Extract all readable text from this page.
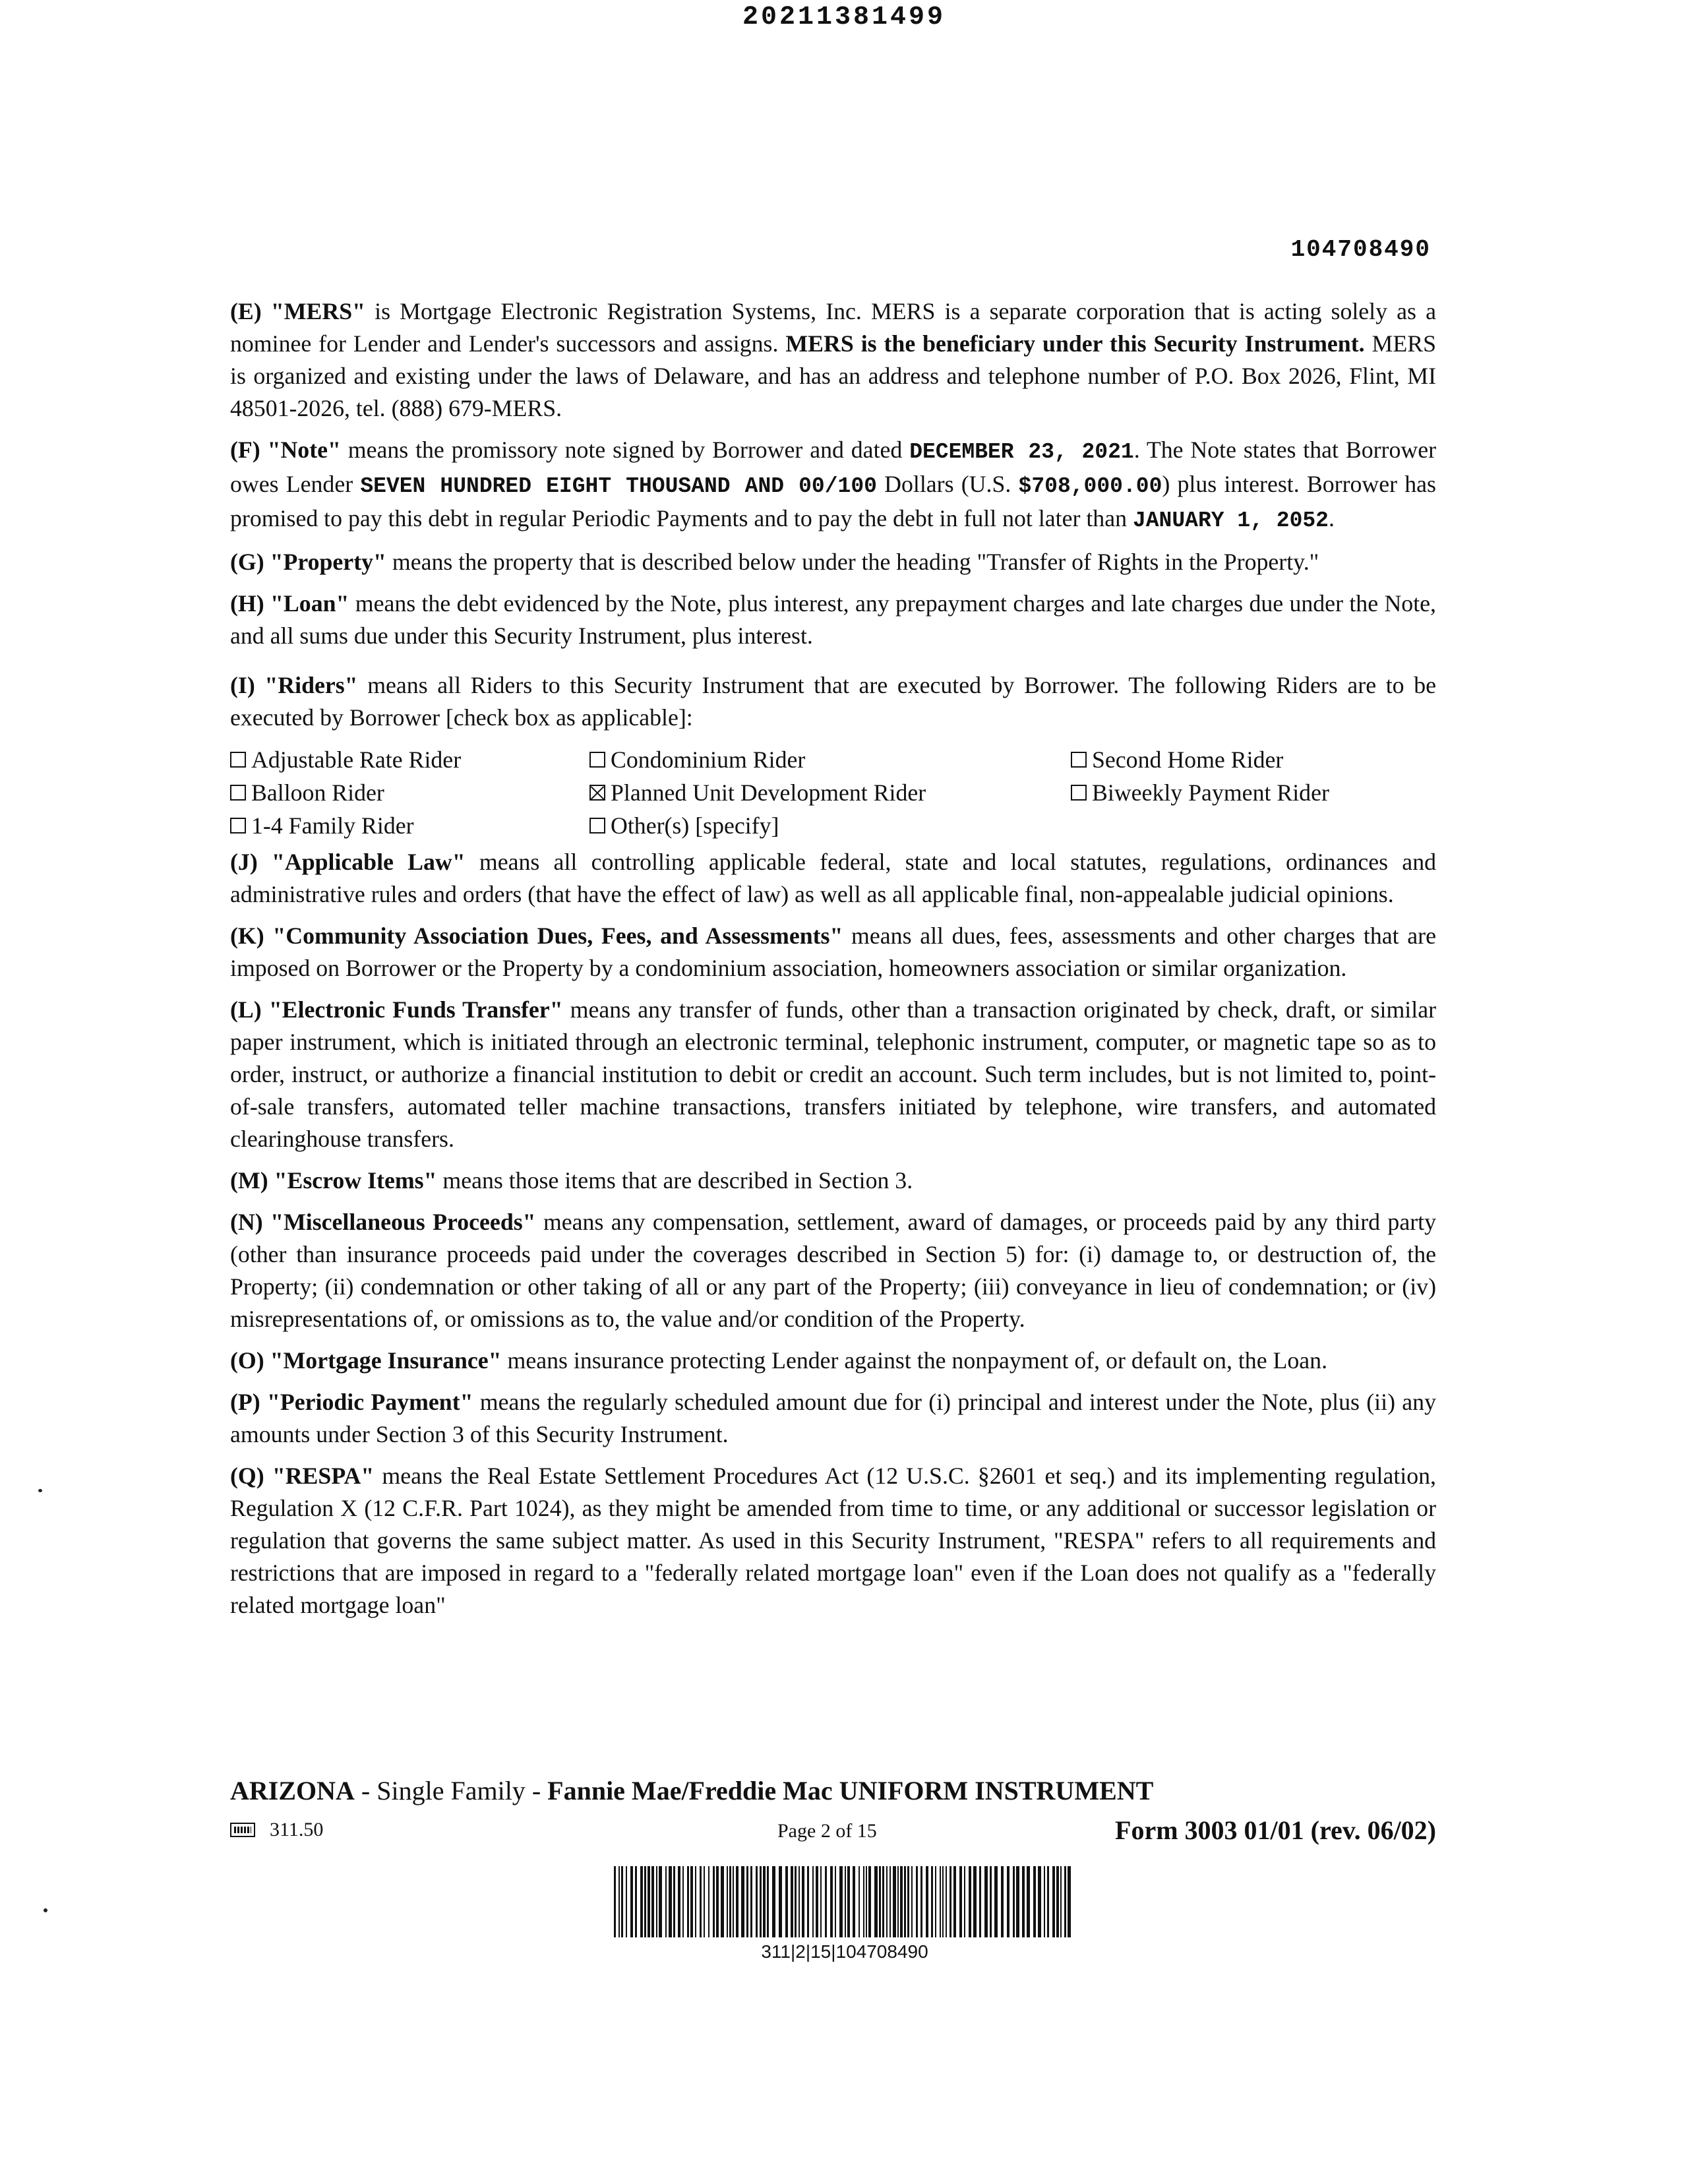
20211381499
104708490

(E) "MERS" is Mortgage Electronic Registration Systems, Inc. MERS is a separate corporation that is acting solely as a nominee for Lender and Lender's successors and assigns. MERS is the beneficiary under this Security Instrument. MERS is organized and existing under the laws of Delaware, and has an address and telephone number of P.O. Box 2026, Flint, MI 48501-2026, tel. (888) 679-MERS.

(F) "Note" means the promissory note signed by Borrower and dated DECEMBER 23, 2021. The Note states that Borrower owes Lender SEVEN HUNDRED EIGHT THOUSAND AND 00/100 Dollars (U.S. $708,000.00) plus interest. Borrower has promised to pay this debt in regular Periodic Payments and to pay the debt in full not later than JANUARY 1, 2052.

(G) "Property" means the property that is described below under the heading "Transfer of Rights in the Property."

(H) "Loan" means the debt evidenced by the Note, plus interest, any prepayment charges and late charges due under the Note, and all sums due under this Security Instrument, plus interest.

(I) "Riders" means all Riders to this Security Instrument that are executed by Borrower. The following Riders are to be executed by Borrower [check box as applicable]:

Adjustable Rate Rider	Condominium Rider	Second Home Rider
Balloon Rider	Planned Unit Development Rider	Biweekly Payment Rider
1-4 Family Rider	Other(s) [specify]

(J) "Applicable Law" means all controlling applicable federal, state and local statutes, regulations, ordinances and administrative rules and orders (that have the effect of law) as well as all applicable final, non-appealable judicial opinions.

(K) "Community Association Dues, Fees, and Assessments" means all dues, fees, assessments and other charges that are imposed on Borrower or the Property by a condominium association, homeowners association or similar organization.

(L) "Electronic Funds Transfer" means any transfer of funds, other than a transaction originated by check, draft, or similar paper instrument, which is initiated through an electronic terminal, telephonic instrument, computer, or magnetic tape so as to order, instruct, or authorize a financial institution to debit or credit an account. Such term includes, but is not limited to, point-of-sale transfers, automated teller machine transactions, transfers initiated by telephone, wire transfers, and automated clearinghouse transfers.

(M) "Escrow Items" means those items that are described in Section 3.

(N) "Miscellaneous Proceeds" means any compensation, settlement, award of damages, or proceeds paid by any third party (other than insurance proceeds paid under the coverages described in Section 5) for: (i) damage to, or destruction of, the Property; (ii) condemnation or other taking of all or any part of the Property; (iii) conveyance in lieu of condemnation; or (iv) misrepresentations of, or omissions as to, the value and/or condition of the Property.

(O) "Mortgage Insurance" means insurance protecting Lender against the nonpayment of, or default on, the Loan.

(P) "Periodic Payment" means the regularly scheduled amount due for (i) principal and interest under the Note, plus (ii) any amounts under Section 3 of this Security Instrument.

(Q) "RESPA" means the Real Estate Settlement Procedures Act (12 U.S.C. §2601 et seq.) and its implementing regulation, Regulation X (12 C.F.R. Part 1024), as they might be amended from time to time, or any additional or successor legislation or regulation that governs the same subject matter. As used in this Security Instrument, "RESPA" refers to all requirements and restrictions that are imposed in regard to a "federally related mortgage loan" even if the Loan does not qualify as a "federally related mortgage loan"

ARIZONA - Single Family - Fannie Mae/Freddie Mac UNIFORM INSTRUMENT
311.50	Page 2 of 15	Form 3003 01/01 (rev. 06/02)
311|2|15|104708490
